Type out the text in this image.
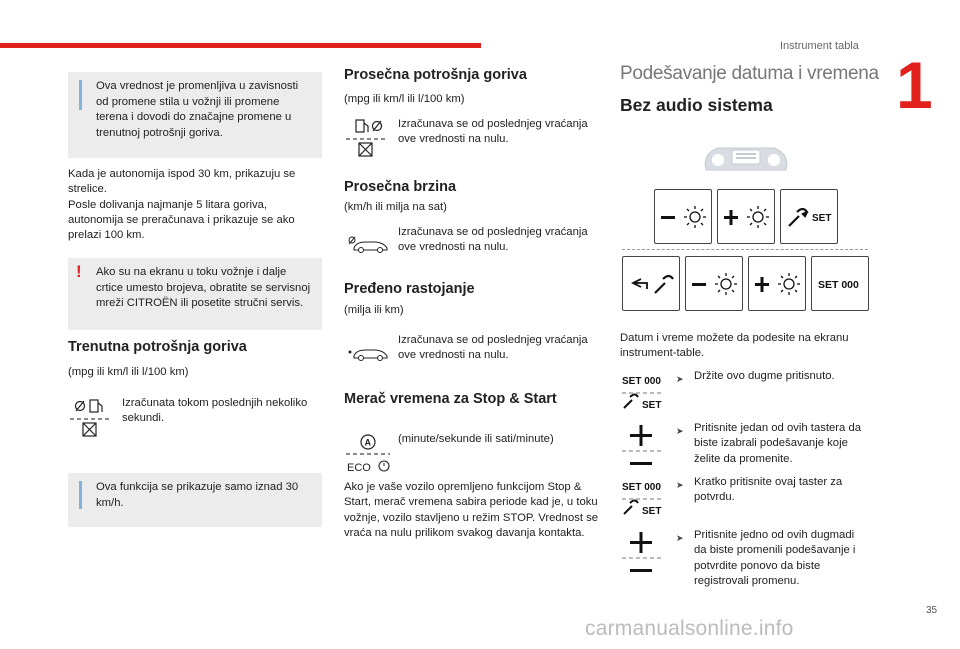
Instrument tabla
1
Ova vrednost je promenljiva u zavisnosti od promene stila u vožnji ili promene terena i dovodi do značajne promene u trenutnoj potrošnji goriva.
Kada je autonomija ispod 30 km, prikazuju se
strelice.
Posle dolivanja najmanje 5 litara goriva,
autonomija se preračunava i prikazuje se ako
prelazi 100 km.
! Ako su na ekranu u toku vožnje i dalje crtice umesto brojeva, obratite se servisnoj mreži CITROËN ili posetite stručni servis.
Trenutna potrošnja goriva
(mpg ili km/l ili l/100 km)
Izračunata tokom poslednjih nekoliko sekundi.
Ova funkcija se prikazuje samo iznad 30 km/h.
Prosečna potrošnja goriva
(mpg ili km/l ili l/100 km)
Izračunava se od poslednjeg vraćanja ove vrednosti na nulu.
Prosečna brzina
(km/h ili milja na sat)
Izračunava se od poslednjeg vraćanja ove vrednosti na nulu.
Pređeno rastojanje
(milja ili km)
Izračunava se od poslednjeg vraćanja ove vrednosti na nulu.
Merač vremena za Stop & Start
A
ECO
(minute/sekunde ili sati/minute)
Ako je vaše vozilo opremljeno funkcijom Stop & Start, merač vremena sabira periode kad je, u toku vožnje, vozilo stavljeno u režim STOP. Vrednost se vraća na nulu prilikom svakog davanja kontakta.
Podešavanje datuma i vremena
Bez audio sistema
SET
SET 000
Datum i vreme možete da podesite na ekranu instrument-table.
SET 000
SET
➤ Držite ovo dugme pritisnuto.
➤ Pritisnite jedan od ovih tastera da biste izabrali podešavanje koje želite da promenite.
SET 000
SET
➤ Kratko pritisnite ovaj taster za potvrdu.
➤ Pritisnite jedno od ovih dugmadi da biste promenili podešavanje i potvrdite ponovo da biste registrovali promenu.
35
carmanualsonline.info
